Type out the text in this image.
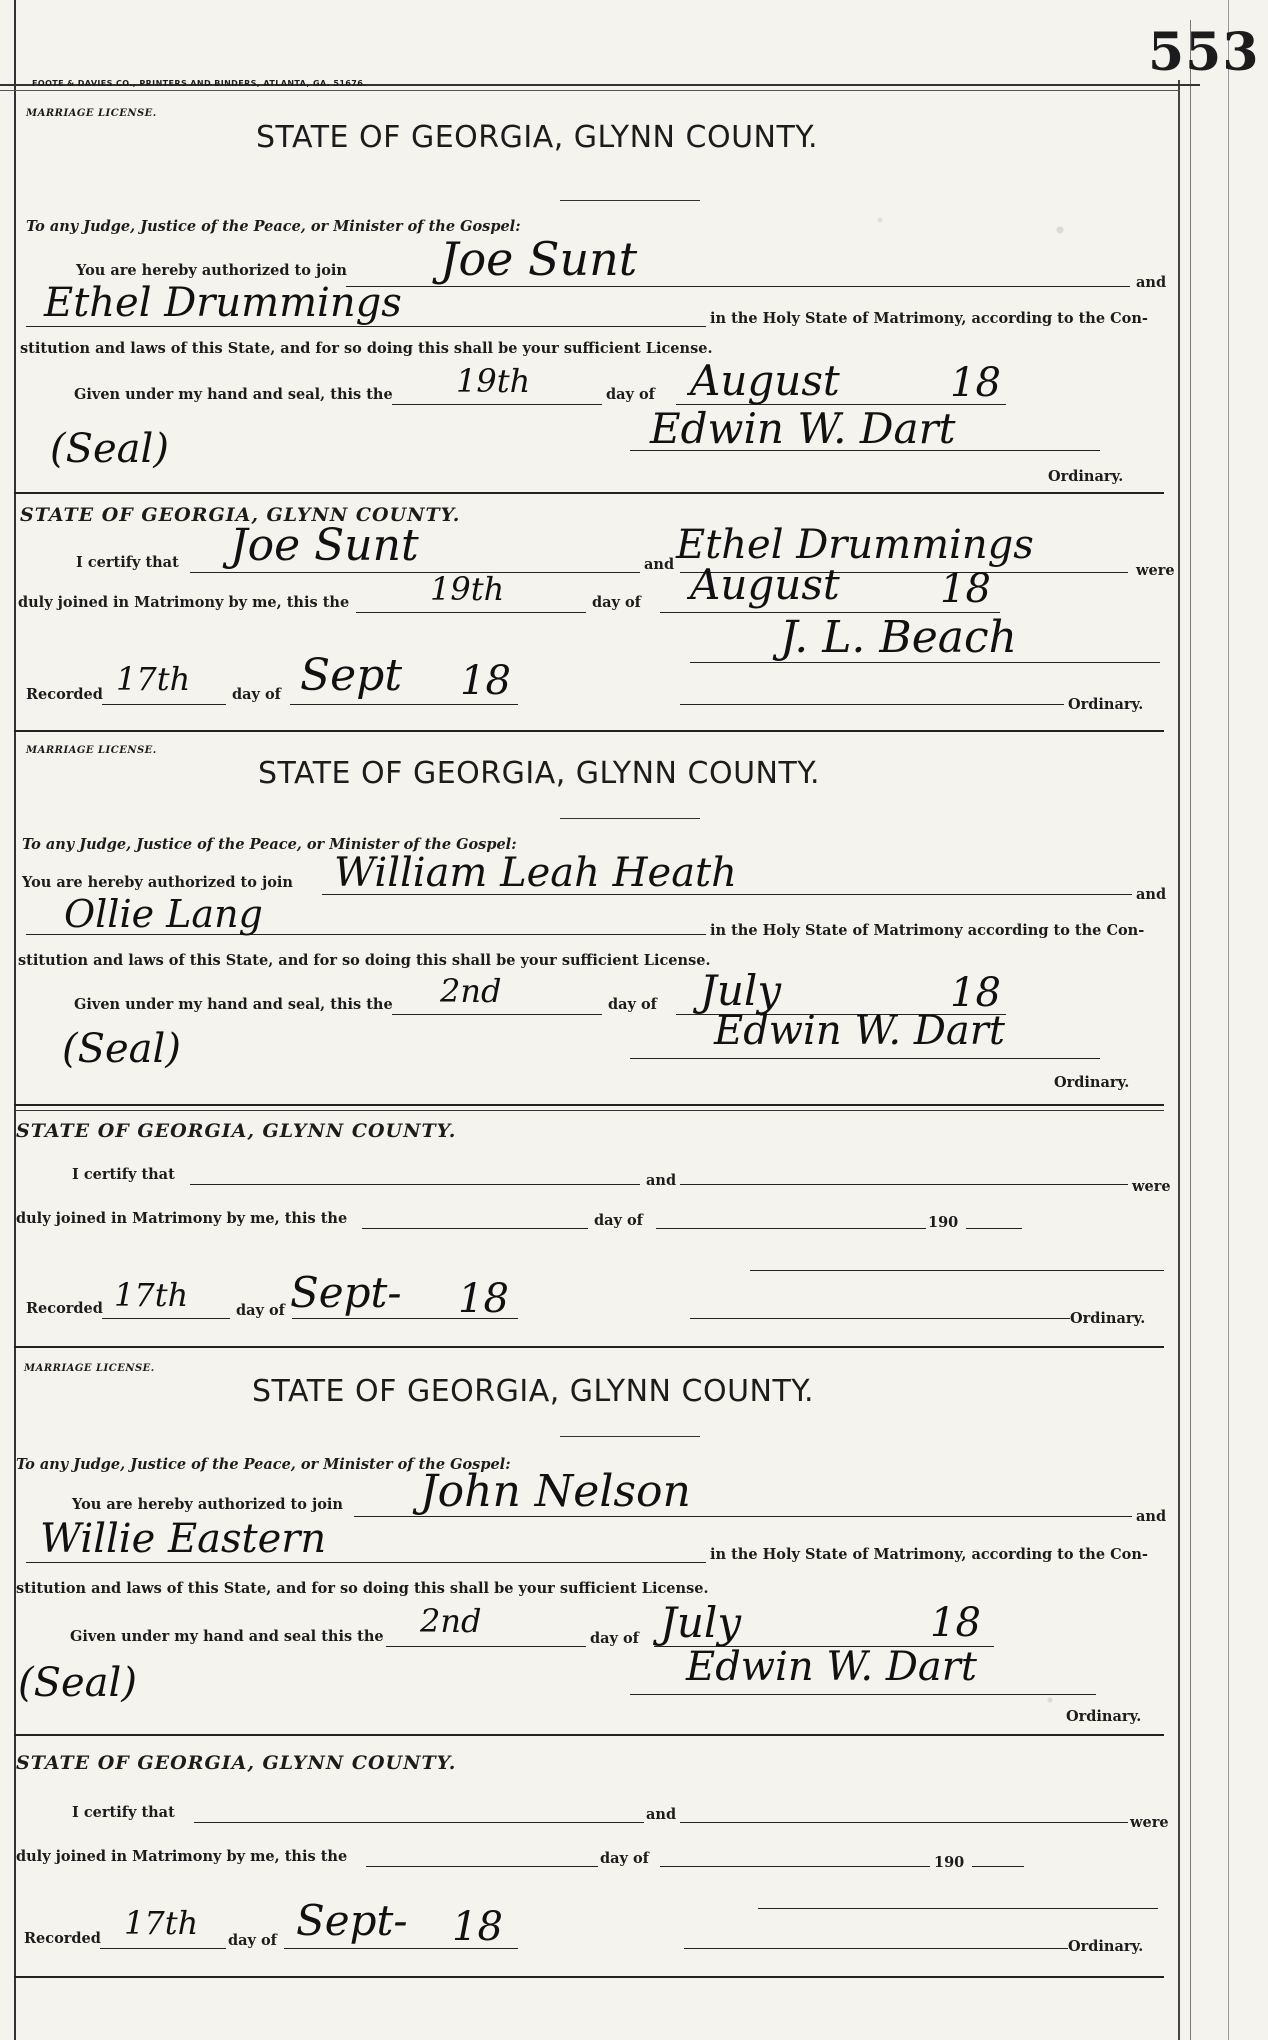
553
FOOTE & DAVIES CO., PRINTERS AND BINDERS, ATLANTA, GA. 51676.
MARRIAGE LICENSE.
STATE OF GEORGIA, GLYNN COUNTY.
To any Judge, Justice of the Peace, or Minister of the Gospel:
You are hereby authorized to join Joe Sunt	and
Ethel Drummings	in the Holy State of Matrimony, according to the Con-
stitution and laws of this State, and for so doing this shall be your sufficient License.
Given under my hand and seal, this the 19th	day of August	18
Edwin W. Dart
(Seal)
Ordinary.
STATE OF GEORGIA, GLYNN COUNTY.
I certify that Joe Sunt	and Ethel Drummings
were
duly joined in Matrimony by me, this the	19th	day of August	18
J. L. Beach
Recorded 17th	day of Sept 18
Ordinary.
MARRIAGE LICENSE.
STATE OF GEORGIA, GLYNN COUNTY.
To any Judge, Justice of the Peace, or Minister of the Gospel:
You are hereby authorized to join William Leah Heath	and
Ollie Lang	in the Holy State of Matrimony according to the Con-
stitution and laws of this State, and for so doing this shall be your sufficient License.
Given under my hand and seal, this the 2nd	day of July	18
Edwin W. Dart
(Seal)
Ordinary.
STATE OF GEORGIA, GLYNN COUNTY.
I certify that	and	were
duly joined in Matrimony by me, this the	day of	190
Recorded 17th	day of Sept- 18	Ordinary.
MARRIAGE LICENSE.
STATE OF GEORGIA, GLYNN COUNTY.
To any Judge, Justice of the Peace, or Minister of the Gospel:
You are hereby authorized to join John Nelson	and
Willie Eastern	in the Holy State of Matrimony, according to the Con-
stitution and laws of this State, and for so doing this shall be your sufficient License.
Given under my hand and seal this the 2nd	day of July	18
Edwin W. Dart
(Seal)
Ordinary.
STATE OF GEORGIA, GLYNN COUNTY.
I certify that	and	were
duly joined in Matrimony by me, this the	day of	190
Recorded 17th day of Sept- 18	Ordinary.
